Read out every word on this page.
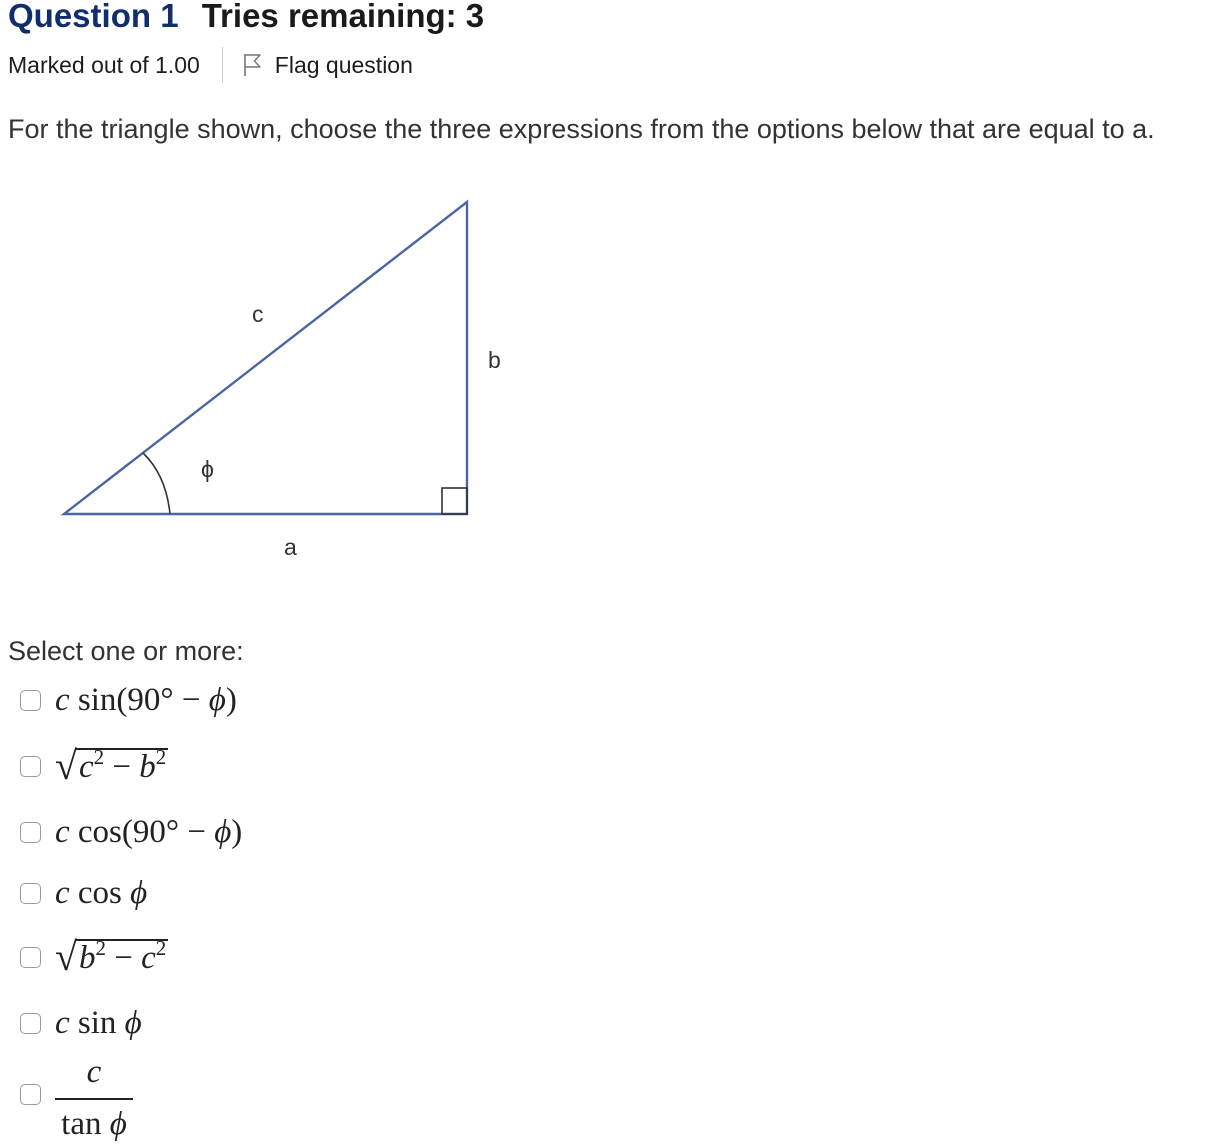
Question 1 Tries remaining: 3
Marked out of 1.00	Flag question
For the triangle shown, choose the three expressions from the options below that are equal to a.
c
b
a
ϕ
Select one or more:
c sin(90° − ϕ)
√ $c^2 - b^2$
c cos(90° − ϕ)
c cos ϕ
√ $b^2 - c^2$
c sin ϕ
$\frac{c}{\text{tan ϕ}}$
